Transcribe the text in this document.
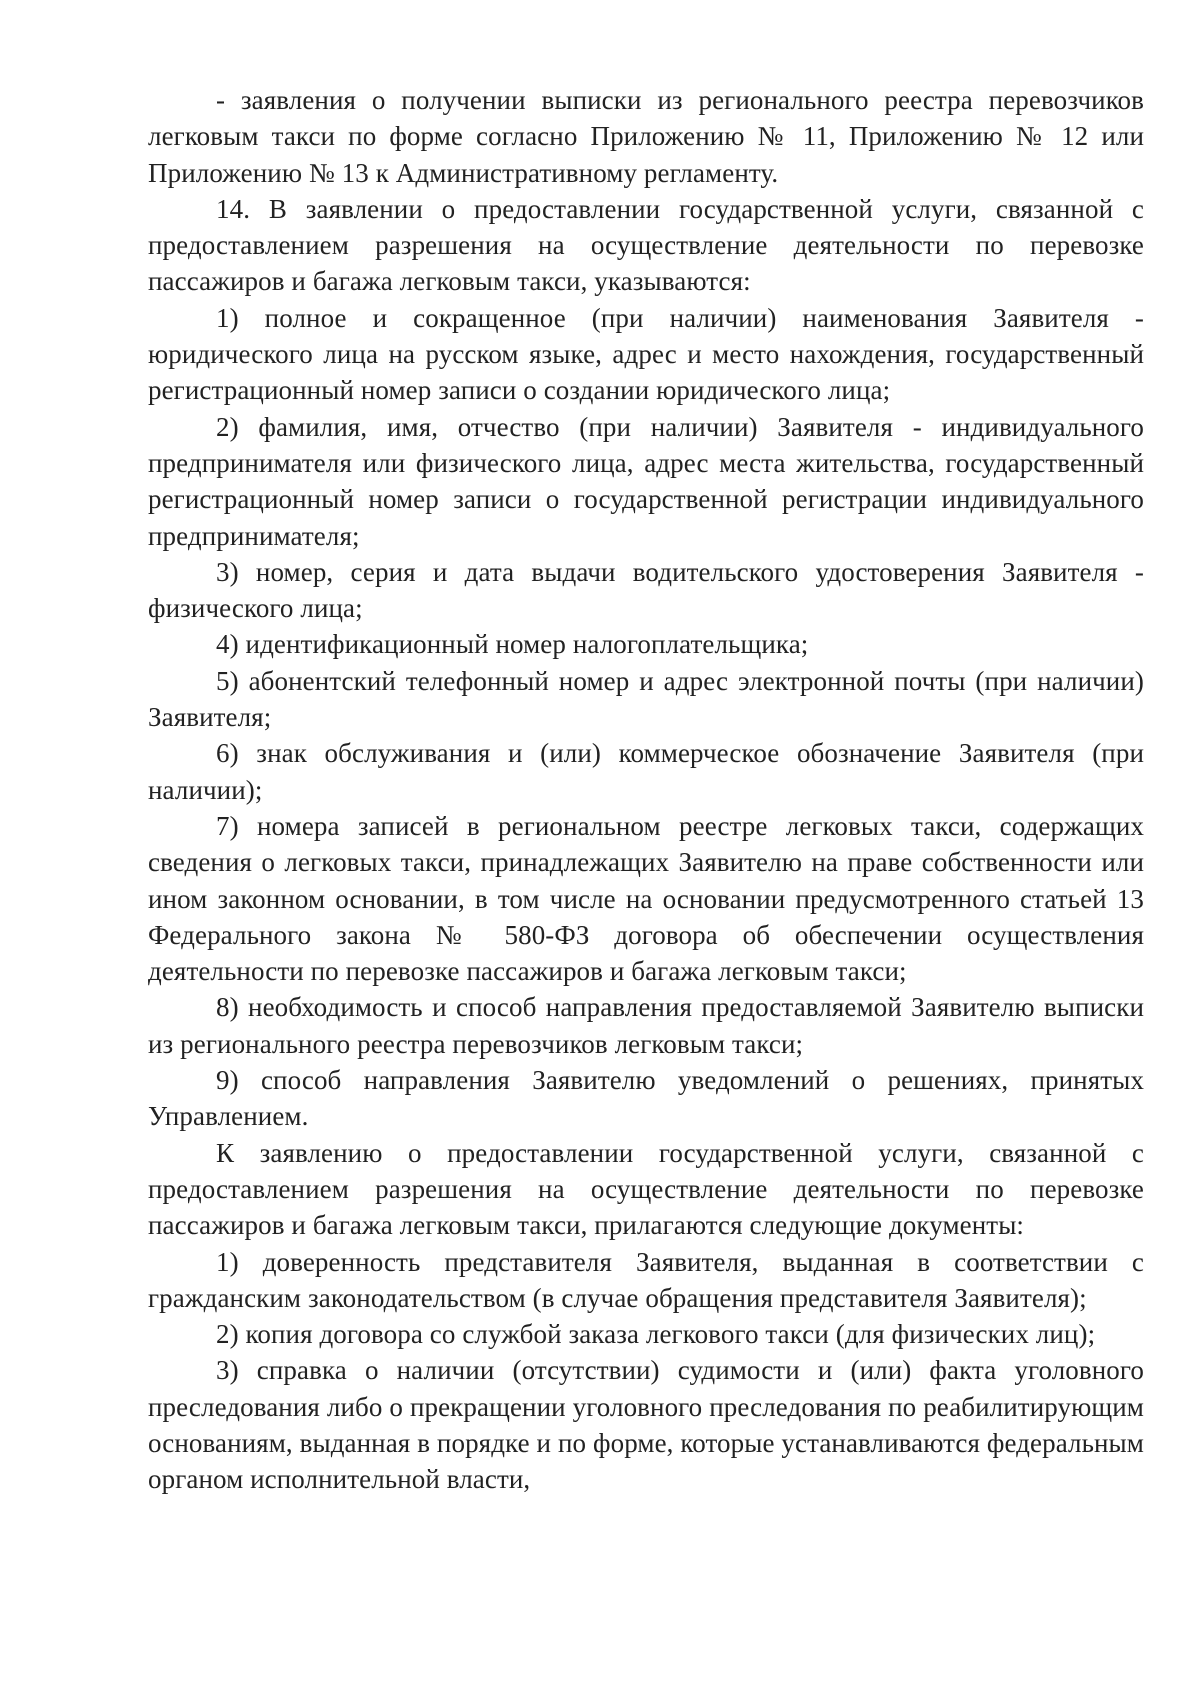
- заявления о получении выписки из регионального реестра перевозчиков легковым такси по форме согласно Приложению № 11, Приложению № 12 или Приложению № 13 к Административному регламенту.

14. В заявлении о предоставлении государственной услуги, связанной с предоставлением разрешения на осуществление деятельности по перевозке пассажиров и багажа легковым такси, указываются:

1) полное и сокращенное (при наличии) наименования Заявителя - юридического лица на русском языке, адрес и место нахождения, государственный регистрационный номер записи о создании юридического лица;

2) фамилия, имя, отчество (при наличии) Заявителя - индивидуального предпринимателя или физического лица, адрес места жительства, государственный регистрационный номер записи о государственной регистрации индивидуального предпринимателя;

3) номер, серия и дата выдачи водительского удостоверения Заявителя - физического лица;

4) идентификационный номер налогоплательщика;

5) абонентский телефонный номер и адрес электронной почты (при наличии) Заявителя;

6) знак обслуживания и (или) коммерческое обозначение Заявителя (при наличии);

7) номера записей в региональном реестре легковых такси, содержащих сведения о легковых такси, принадлежащих Заявителю на праве собственности или ином законном основании, в том числе на основании предусмотренного статьей 13 Федерального закона № 580-ФЗ договора об обеспечении осуществления деятельности по перевозке пассажиров и багажа легковым такси;

8) необходимость и способ направления предоставляемой Заявителю выписки из регионального реестра перевозчиков легковым такси;

9) способ направления Заявителю уведомлений о решениях, принятых Управлением.

К заявлению о предоставлении государственной услуги, связанной с предоставлением разрешения на осуществление деятельности по перевозке пассажиров и багажа легковым такси, прилагаются следующие документы:

1) доверенность представителя Заявителя, выданная в соответствии с гражданским законодательством (в случае обращения представителя Заявителя);

2) копия договора со службой заказа легкового такси (для физических лиц);

3) справка о наличии (отсутствии) судимости и (или) факта уголовного преследования либо о прекращении уголовного преследования по реабилитирующим основаниям, выданная в порядке и по форме, которые устанавливаются федеральным органом исполнительной власти,
